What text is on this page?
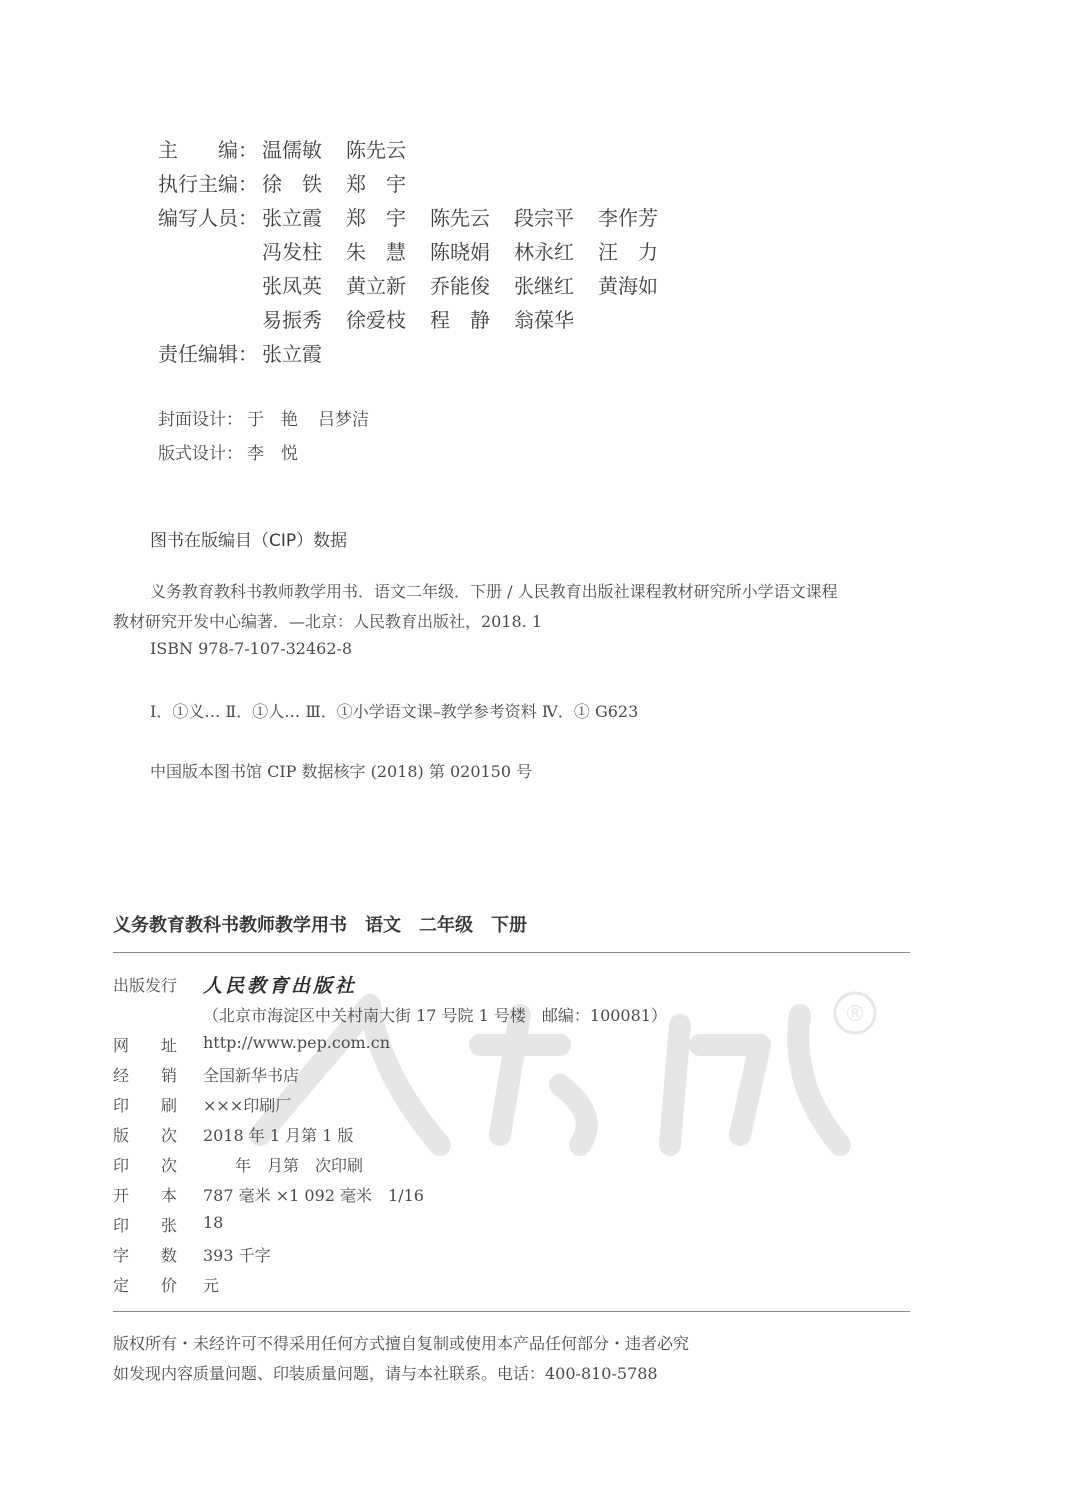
主　　编： 温儒敏 陈先云
执行主编： 徐　铁 郑　宇
编写人员： 张立霞 郑　宇 陈先云 段宗平 李作芳
冯发柱 朱　慧 陈晓娟 林永红 汪　力
张凤英 黄立新 乔能俊 张继红 黄海如
易振秀 徐爱枝 程　静 翁葆华
责任编辑： 张立霞
封面设计： 于　艳 吕梦洁
版式设计： 李　悦
图书在版编目（CIP）数据
义务教育教科书教师教学用书．语文二年级．下册 / 人民教育出版社课程教材研究所小学语文课程
教材研究开发中心编著．—北京：人民教育出版社，2018. 1
ISBN 978-7-107-32462-8
Ⅰ．①义… Ⅱ．①人… Ⅲ．①小学语文课–教学参考资料 Ⅳ．① G623
中国版本图书馆 CIP 数据核字 (2018) 第 020150 号
义务教育教科书教师教学用书　语文　二年级　下册
®
出版发行 人民教育出版社
（北京市海淀区中关村南大街 17 号院 1 号楼　邮编：100081）
网　　址 http://www.pep.com.cn
经　　销 全国新华书店
印　　刷 ×××印刷厂
版　　次 2018 年 1 月第 1 版
印　　次 　　年　月第　次印刷
开　　本 787 毫米 ×1 092 毫米　1/16
印　　张 18
字　　数 393 千字
定　　价 元
版权所有・未经许可不得采用任何方式擅自复制或使用本产品任何部分・违者必究
如发现内容质量问题、印装质量问题，请与本社联系。电话：400-810-5788
